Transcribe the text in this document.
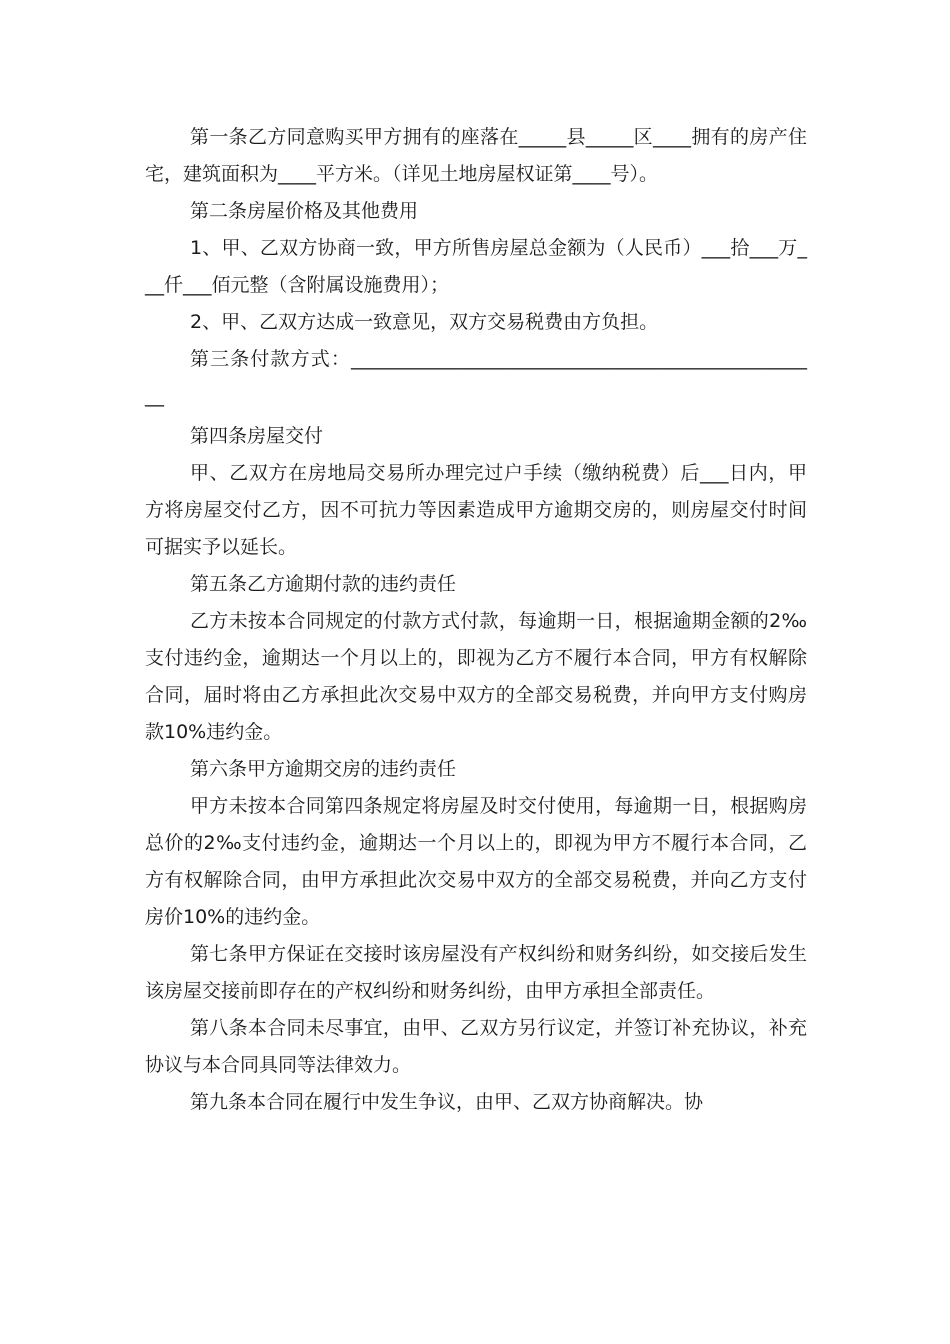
第一条乙方同意购买甲方拥有的座落在_____县_____区____拥有的房产住宅，建筑面积为____平方米。（详见土地房屋权证第____号）。

第二条房屋价格及其他费用

1、甲、乙双方协商一致，甲方所售房屋总金额为（人民币）___拾___万___仟___佰元整（含附属设施费用）；

2、甲、乙双方达成一致意见，双方交易税费由方负担。

第三条付款方式：__________________________________________________

第四条房屋交付

甲、乙双方在房地局交易所办理完过户手续（缴纳税费）后___日内，甲方将房屋交付乙方，因不可抗力等因素造成甲方逾期交房的，则房屋交付时间可据实予以延长。

第五条乙方逾期付款的违约责任

乙方未按本合同规定的付款方式付款，每逾期一日，根据逾期金额的2‰支付违约金，逾期达一个月以上的，即视为乙方不履行本合同，甲方有权解除合同，届时将由乙方承担此次交易中双方的全部交易税费，并向甲方支付购房款10%违约金。

第六条甲方逾期交房的违约责任

甲方未按本合同第四条规定将房屋及时交付使用，每逾期一日，根据购房总价的2‰支付违约金，逾期达一个月以上的，即视为甲方不履行本合同，乙方有权解除合同，由甲方承担此次交易中双方的全部交易税费，并向乙方支付房价10%的违约金。

第七条甲方保证在交接时该房屋没有产权纠纷和财务纠纷，如交接后发生该房屋交接前即存在的产权纠纷和财务纠纷，由甲方承担全部责任。

第八条本合同未尽事宜，由甲、乙双方另行议定，并签订补充协议，补充协议与本合同具同等法律效力。

第九条本合同在履行中发生争议，由甲、乙双方协商解决。协
